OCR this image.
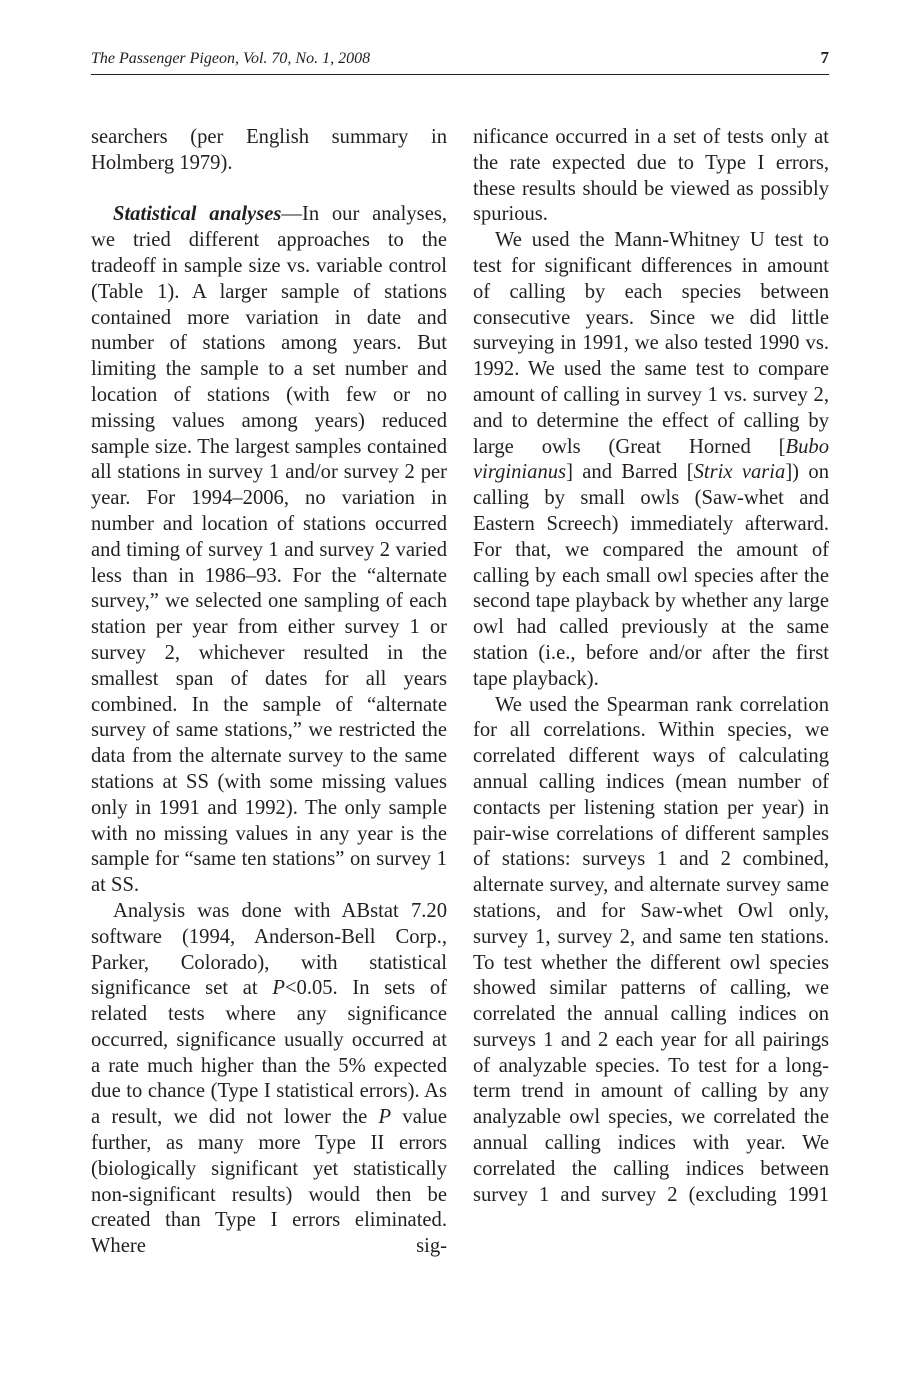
The Passenger Pigeon, Vol. 70, No. 1, 2008	7

searchers (per English summary in Holmberg 1979).

Statistical analyses—In our analyses, we tried different approaches to the tradeoff in sample size vs. variable control (Table 1). A larger sample of stations contained more variation in date and number of stations among years. But limiting the sample to a set number and location of stations (with few or no missing values among years) reduced sample size. The largest samples contained all stations in survey 1 and/or survey 2 per year. For 1994–2006, no variation in number and location of stations occurred and timing of survey 1 and survey 2 varied less than in 1986–93. For the “alternate survey,” we selected one sampling of each station per year from either survey 1 or survey 2, whichever resulted in the smallest span of dates for all years combined. In the sample of “alternate survey of same stations,” we restricted the data from the alternate survey to the same stations at SS (with some missing values only in 1991 and 1992). The only sample with no missing values in any year is the sample for “same ten stations” on survey 1 at SS.

Analysis was done with ABstat 7.20 software (1994, Anderson-Bell Corp., Parker, Colorado), with statistical significance set at P<0.05. In sets of related tests where any significance occurred, significance usually occurred at a rate much higher than the 5% expected due to chance (Type I statistical errors). As a result, we did not lower the P value further, as many more Type II errors (biologically significant yet statistically non-significant results) would then be created than Type I errors eliminated. Where sig-

nificance occurred in a set of tests only at the rate expected due to Type I errors, these results should be viewed as possibly spurious.

We used the Mann-Whitney U test to test for significant differences in amount of calling by each species between consecutive years. Since we did little surveying in 1991, we also tested 1990 vs. 1992. We used the same test to compare amount of calling in survey 1 vs. survey 2, and to determine the effect of calling by large owls (Great Horned [Bubo virginianus] and Barred [Strix varia]) on calling by small owls (Saw-whet and Eastern Screech) immediately afterward. For that, we compared the amount of calling by each small owl species after the second tape playback by whether any large owl had called previously at the same station (i.e., before and/or after the first tape playback).

We used the Spearman rank correlation for all correlations. Within species, we correlated different ways of calculating annual calling indices (mean number of contacts per listening station per year) in pair-wise correlations of different samples of stations: surveys 1 and 2 combined, alternate survey, and alternate survey same stations, and for Saw-whet Owl only, survey 1, survey 2, and same ten stations. To test whether the different owl species showed similar patterns of calling, we correlated the annual calling indices on surveys 1 and 2 each year for all pairings of analyzable species. To test for a long-term trend in amount of calling by any analyzable owl species, we correlated the annual calling indices with year. We correlated the calling indices between survey 1 and survey 2 (excluding 1991
